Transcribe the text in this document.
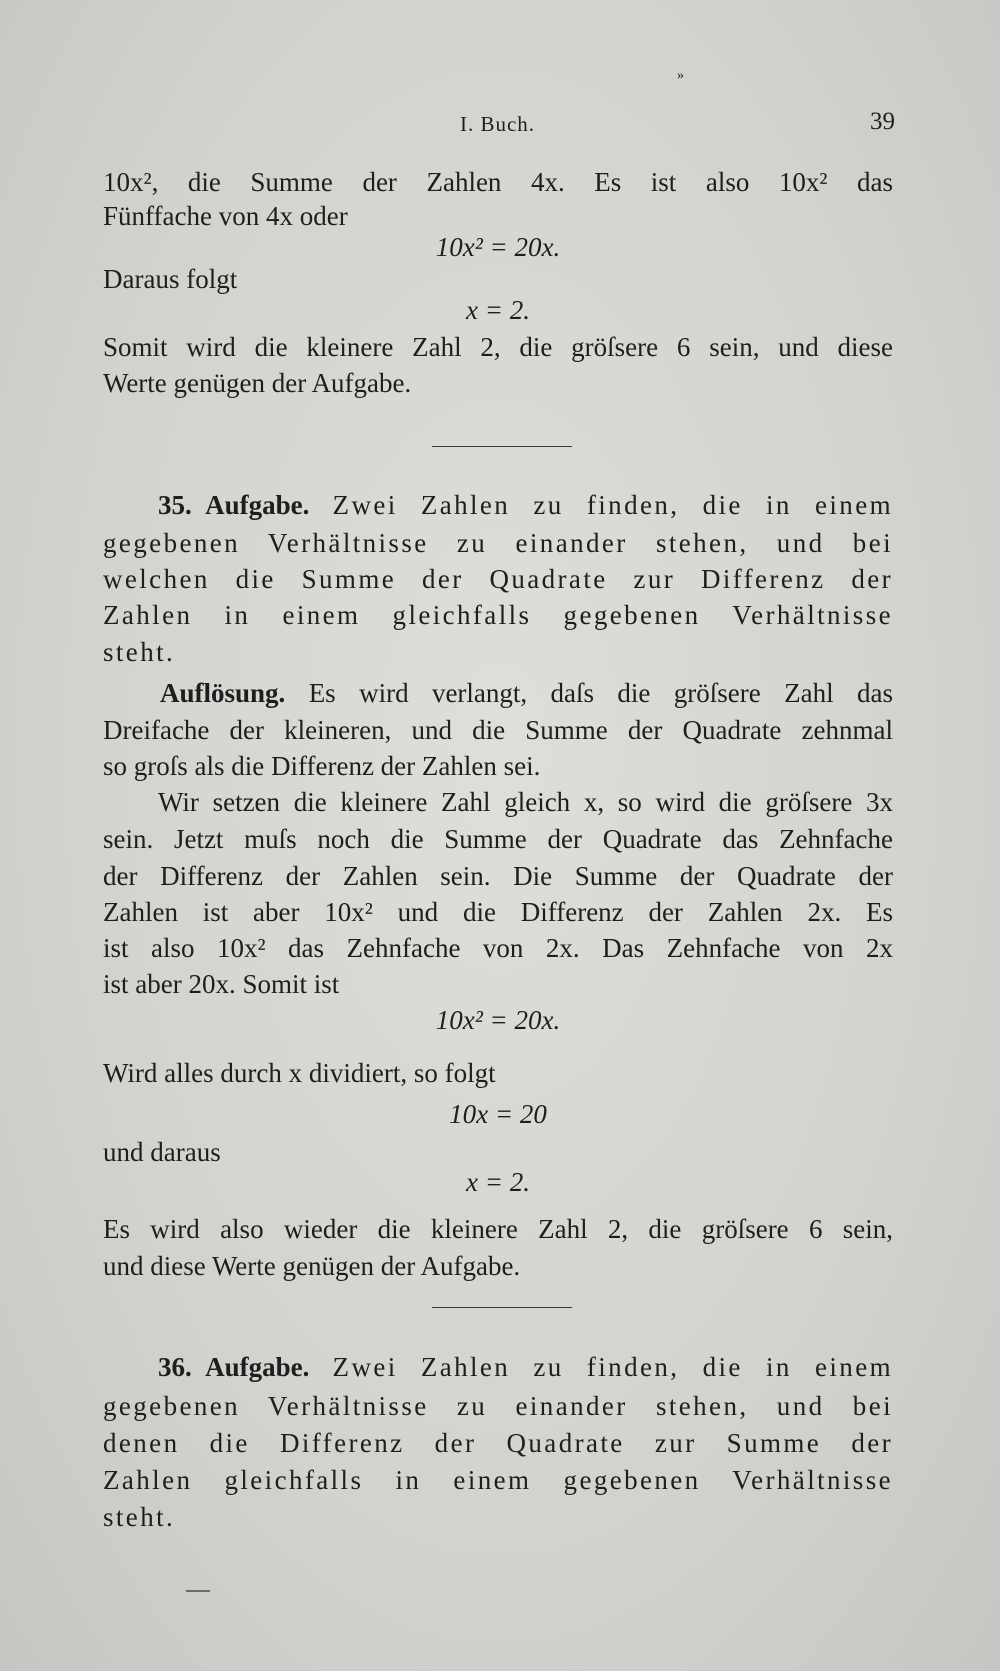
»
I. Buch.	39
10x², die Summe der Zahlen 4x. Es ist also 10x² das
Fünffache von 4x oder
10x² = 20x.
Daraus folgt
x = 2.
Somit wird die kleinere Zahl 2, die gröſsere 6 sein, und diese
Werte genügen der Aufgabe.
35. Aufgabe. Zwei Zahlen zu finden, die in einem
gegebenen Verhältnisse zu einander stehen, und bei
welchen die Summe der Quadrate zur Differenz der
Zahlen in einem gleichfalls gegebenen Verhältnisse
steht.
Auflösung. Es wird verlangt, daſs die gröſsere Zahl das
Dreifache der kleineren, und die Summe der Quadrate zehnmal
so groſs als die Differenz der Zahlen sei.
Wir setzen die kleinere Zahl gleich x, so wird die gröſsere 3x
sein. Jetzt muſs noch die Summe der Quadrate das Zehnfache
der Differenz der Zahlen sein. Die Summe der Quadrate der
Zahlen ist aber 10x² und die Differenz der Zahlen 2x. Es
ist also 10x² das Zehnfache von 2x. Das Zehnfache von 2x
ist aber 20x. Somit ist
10x² = 20x.
Wird alles durch x dividiert, so folgt
10x = 20
und daraus
x = 2.
Es wird also wieder die kleinere Zahl 2, die gröſsere 6 sein,
und diese Werte genügen der Aufgabe.
36. Aufgabe. Zwei Zahlen zu finden, die in einem
gegebenen Verhältnisse zu einander stehen, und bei
denen die Differenz der Quadrate zur Summe der
Zahlen gleichfalls in einem gegebenen Verhältnisse
steht.
